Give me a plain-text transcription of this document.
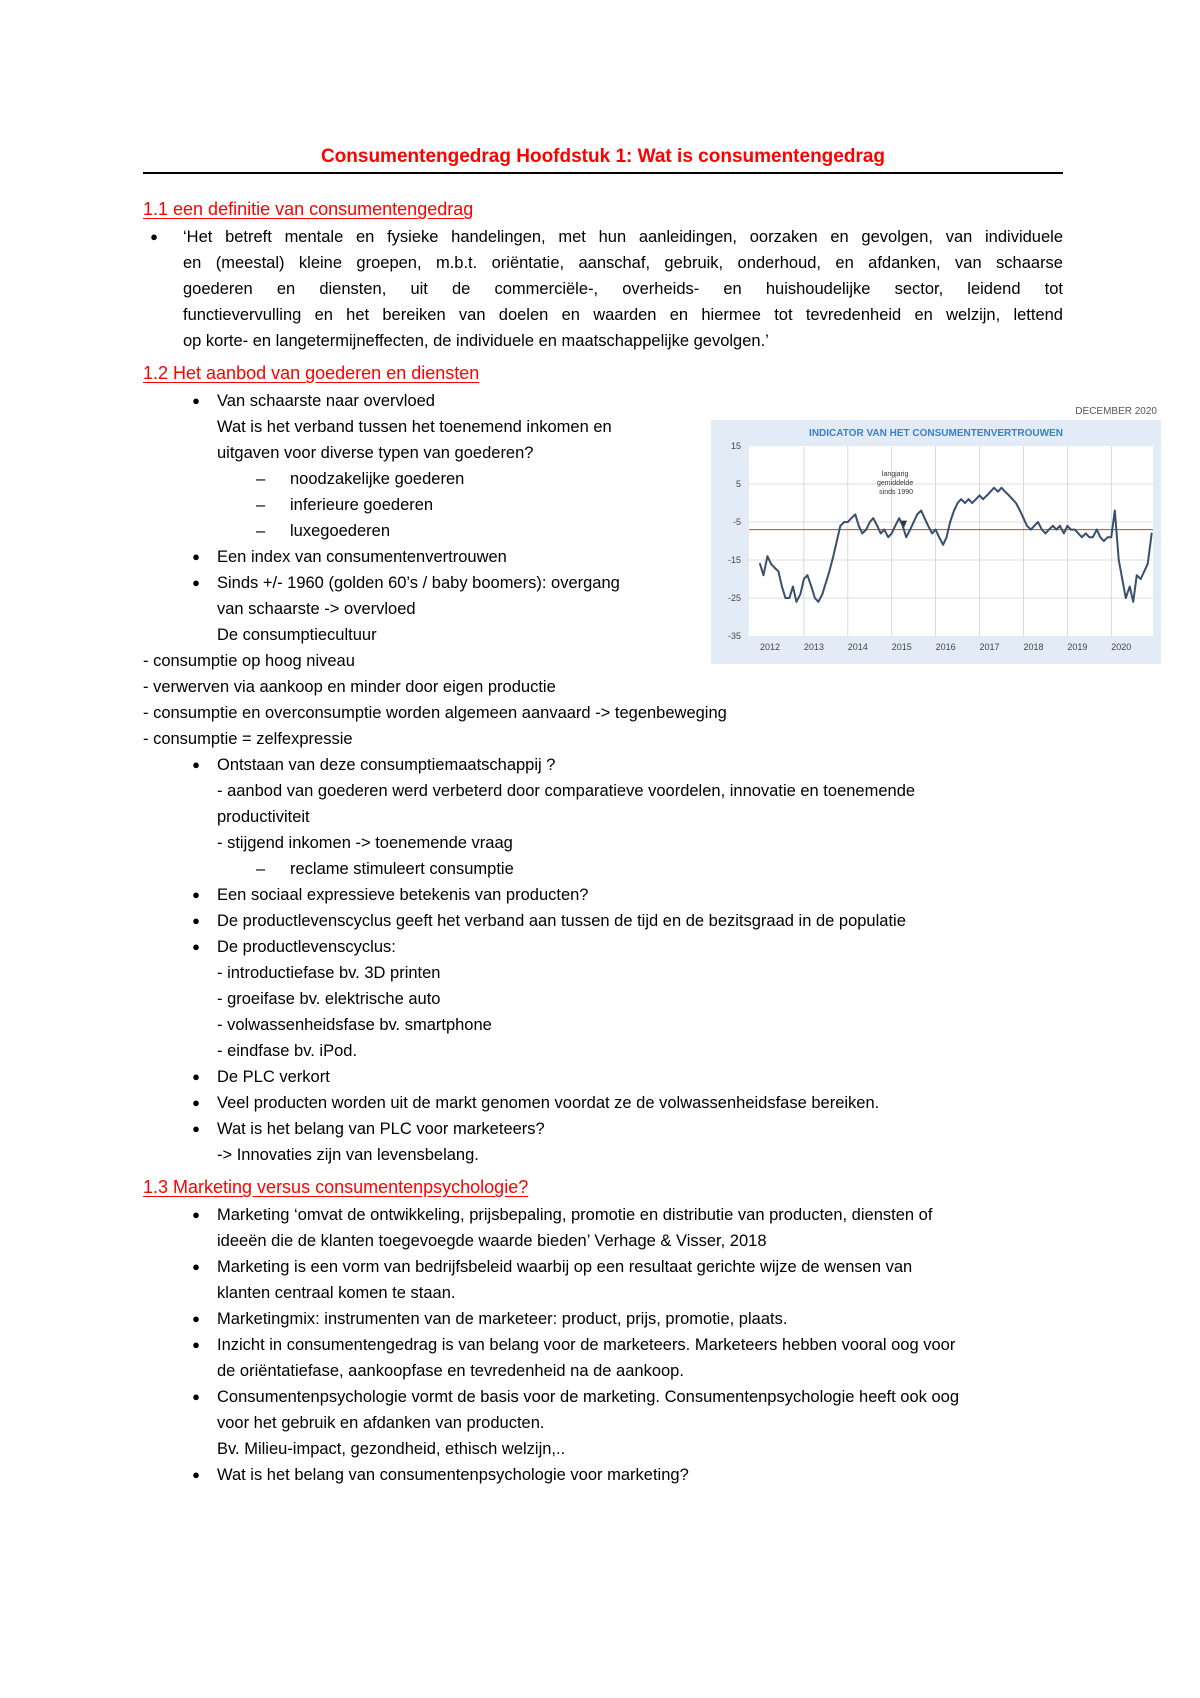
Consumentengedrag Hoofdstuk 1: Wat is consumentengedrag
1.1 een definitie van consumentengedrag
●	‘Het betreft mentale en fysieke handelingen, met hun aanleidingen, oorzaken en gevolgen, van individuele
en (meestal) kleine groepen, m.b.t. oriëntatie, aanschaf, gebruik, onderhoud, en afdanken, van schaarse
goederen en diensten, uit de commerciële-, overheids- en huishoudelijke sector, leidend tot
functievervulling en het bereiken van doelen en waarden en hiermee tot tevredenheid en welzijn, lettend
op korte- en langetermijneffecten, de individuele en maatschappelijke gevolgen.’
1.2 Het aanbod van goederen en diensten
●	Van schaarste naar overvloed
Wat is het verband tussen het toenemend inkomen en
uitgaven voor diverse typen van goederen?
– noodzakelijke goederen
– inferieure goederen
– luxegoederen
●	Een index van consumentenvertrouwen
●	Sinds +/- 1960 (golden 60’s / baby boomers): overgang
van schaarste -> overvloed
De consumptiecultuur
- consumptie op hoog niveau
- verwerven via aankoop en minder door eigen productie
- consumptie en overconsumptie worden algemeen aanvaard -> tegenbeweging
- consumptie = zelfexpressie
●	Ontstaan van deze consumptiemaatschappij ?
- aanbod van goederen werd verbeterd door comparatieve voordelen, innovatie en toenemende
productiviteit
- stijgend inkomen -> toenemende vraag
– reclame stimuleert consumptie
●	Een sociaal expressieve betekenis van producten?
●	De productlevenscyclus geeft het verband aan tussen de tijd en de bezitsgraad in de populatie
●	De productlevenscyclus:
- introductiefase bv. 3D printen
- groeifase bv. elektrische auto
- volwassenheidsfase bv. smartphone
- eindfase bv. iPod.
●	De PLC verkort
●	Veel producten worden uit de markt genomen voordat ze de volwassenheidsfase bereiken.
●	Wat is het belang van PLC voor marketeers?
-> Innovaties zijn van levensbelang.
1.3 Marketing versus consumentenpsychologie?
●	Marketing ‘omvat de ontwikkeling, prijsbepaling, promotie en distributie van producten, diensten of
ideeën die de klanten toegevoegde waarde bieden’ Verhage & Visser, 2018
●	Marketing is een vorm van bedrijfsbeleid waarbij op een resultaat gerichte wijze de wensen van
klanten centraal komen te staan.
●	Marketingmix: instrumenten van de marketeer: product, prijs, promotie, plaats.
●	Inzicht in consumentengedrag is van belang voor de marketeers. Marketeers hebben vooral oog voor
de oriëntatiefase, aankoopfase en tevredenheid na de aankoop.
●	Consumentenpsychologie vormt de basis voor de marketing. Consumentenpsychologie heeft ook oog
voor het gebruik en afdanken van producten.
Bv. Milieu-impact, gezondheid, ethisch welzijn,..
●	Wat is het belang van consumentenpsychologie voor marketing?
DECEMBER 2020
INDICATOR VAN HET CONSUMENTENVERTROUWEN
15
5
-5
-15
-25
-35
2012	2013	2014	2015	2016	2017	2018	2019	2020
langjarig gemiddelde sinds 1990
